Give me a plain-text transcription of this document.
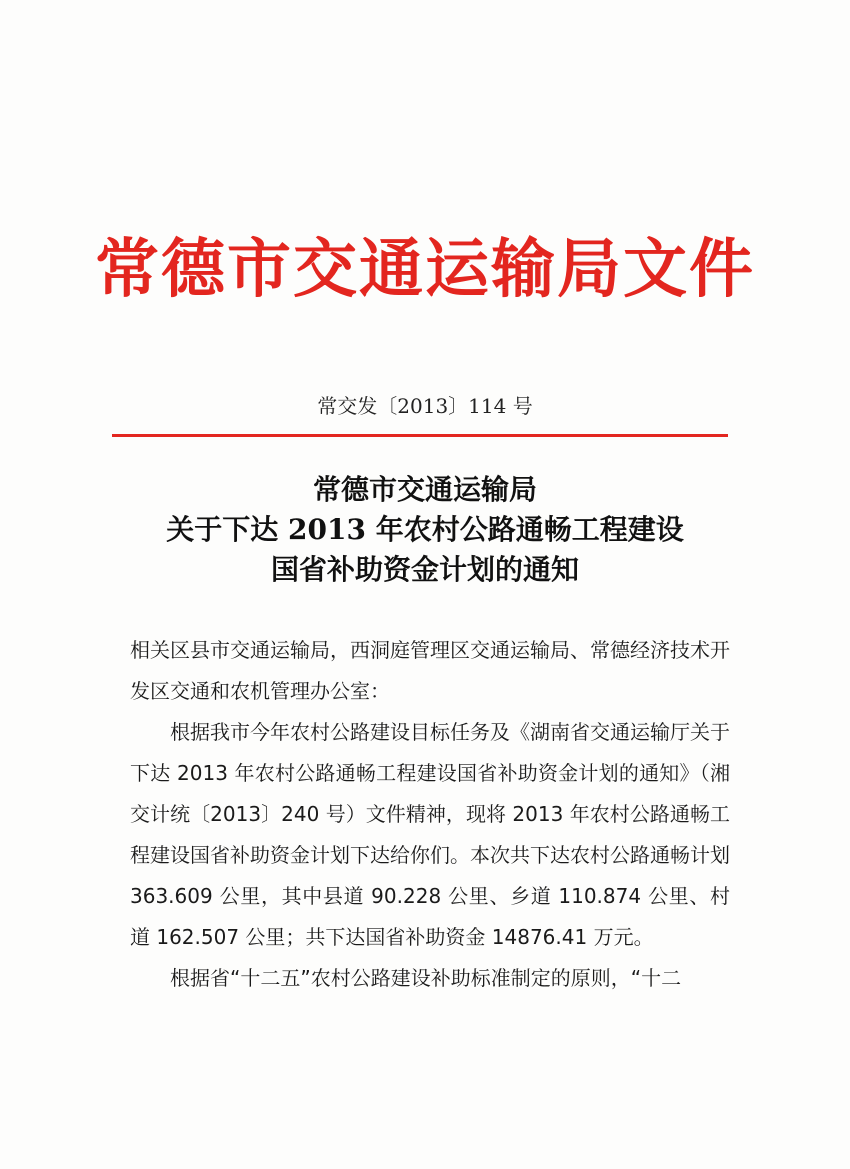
常德市交通运输局文件
常交发〔2013〕114 号
常德市交通运输局
关于下达 2013 年农村公路通畅工程建设
国省补助资金计划的通知

相关区县市交通运输局，西洞庭管理区交通运输局、常德经济技术开发区交通和农机管理办公室：

根据我市今年农村公路建设目标任务及《湖南省交通运输厅关于下达 2013 年农村公路通畅工程建设国省补助资金计划的通知》（湘交计统〔2013〕240 号）文件精神，现将 2013 年农村公路通畅工程建设国省补助资金计划下达给你们。本次共下达农村公路通畅计划 363.609 公里，其中县道 90.228 公里、乡道 110.874 公里、村道 162.507 公里；共下达国省补助资金 14876.41 万元。

根据省“十二五”农村公路建设补助标准制定的原则，“十二
